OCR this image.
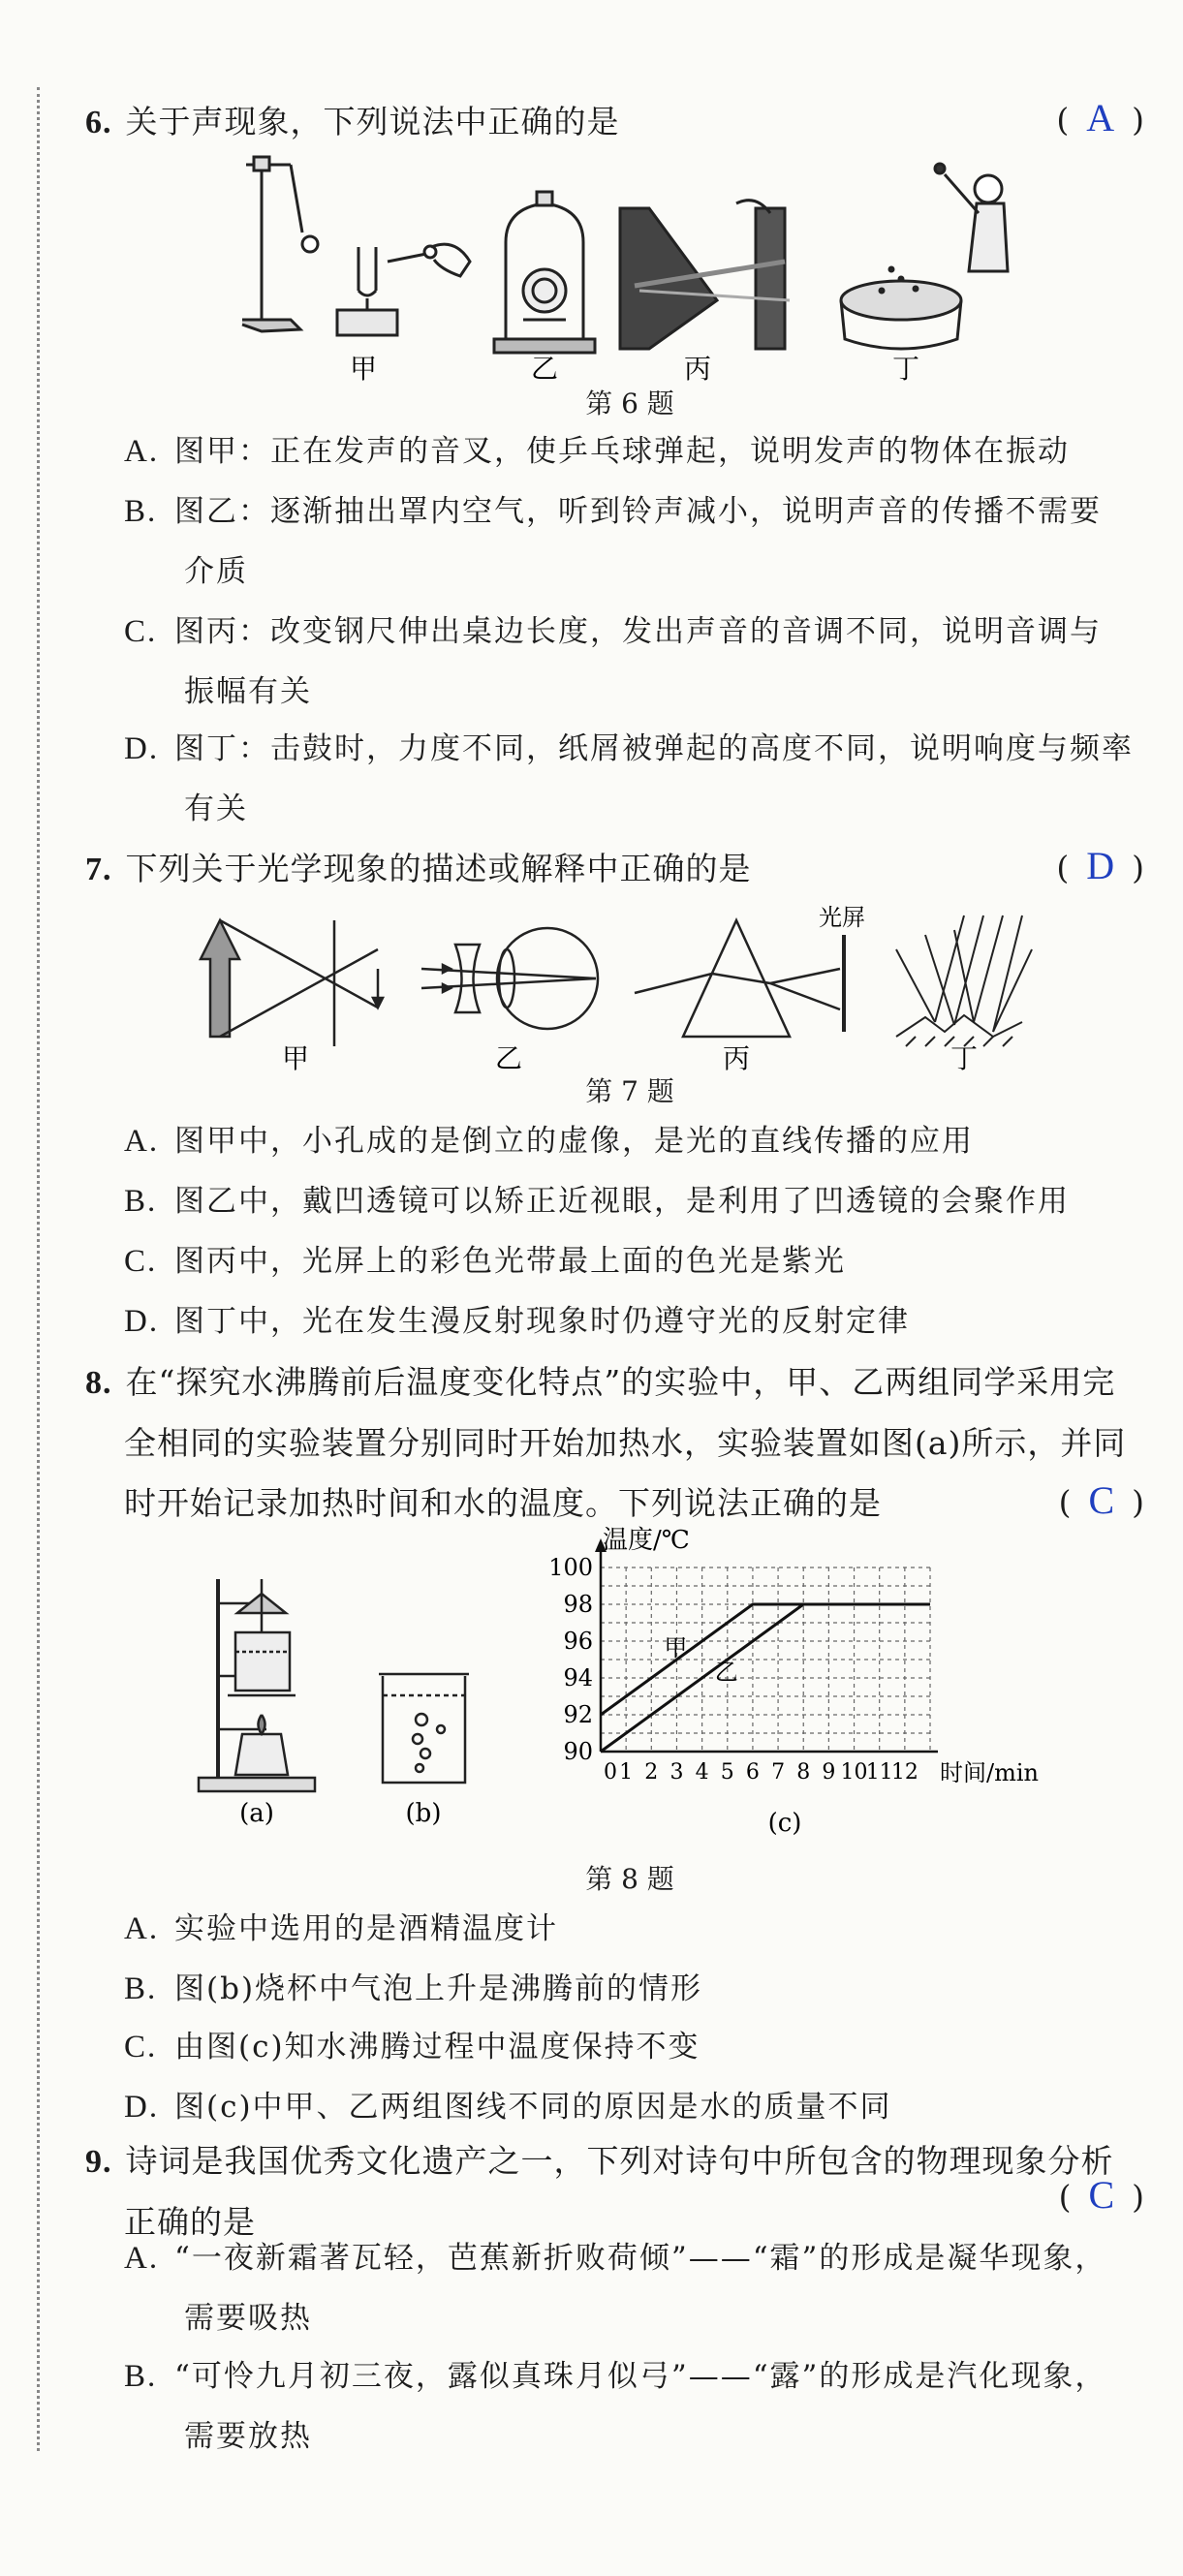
6. 关于声现象，下列说法中正确的是	( A )
甲	乙	丙	丁
第 6 题
A. 图甲：正在发声的音叉，使乒乓球弹起，说明发声的物体在振动
B. 图乙：逐渐抽出罩内空气，听到铃声减小，说明声音的传播不需要
介质
C. 图丙：改变钢尺伸出桌边长度，发出声音的音调不同，说明音调与
振幅有关
D. 图丁：击鼓时，力度不同，纸屑被弹起的高度不同，说明响度与频率
有关
7. 下列关于光学现象的描述或解释中正确的是	( D )
光屏
甲	乙	丙	丁
第 7 题
A. 图甲中，小孔成的是倒立的虚像，是光的直线传播的应用
B. 图乙中，戴凹透镜可以矫正近视眼，是利用了凹透镜的会聚作用
C. 图丙中，光屏上的彩色光带最上面的色光是紫光
D. 图丁中，光在发生漫反射现象时仍遵守光的反射定律
8. 在“探究水沸腾前后温度变化特点”的实验中，甲、乙两组同学采用完
全相同的实验装置分别同时开始加热水，实验装置如图(a)所示，并同
时开始记录加热时间和水的温度。下列说法正确的是	( C )
(a)	(b)
90
92
94
96
98
100
0 1 2 3 4 5 6 7 8 9 10
11
12
甲
乙
温度/℃
时间/min
(c)
第 8 题
A. 实验中选用的是酒精温度计
B. 图(b)烧杯中气泡上升是沸腾前的情形
C. 由图(c)知水沸腾过程中温度保持不变
D. 图(c)中甲、乙两组图线不同的原因是水的质量不同
9. 诗词是我国优秀文化遗产之一，下列对诗句中所包含的物理现象分析
正确的是
( C )
A. “一夜新霜著瓦轻，芭蕉新折败荷倾”——“霜”的形成是凝华现象，
需要吸热
B. “可怜九月初三夜，露似真珠月似弓”——“露”的形成是汽化现象，
需要放热
